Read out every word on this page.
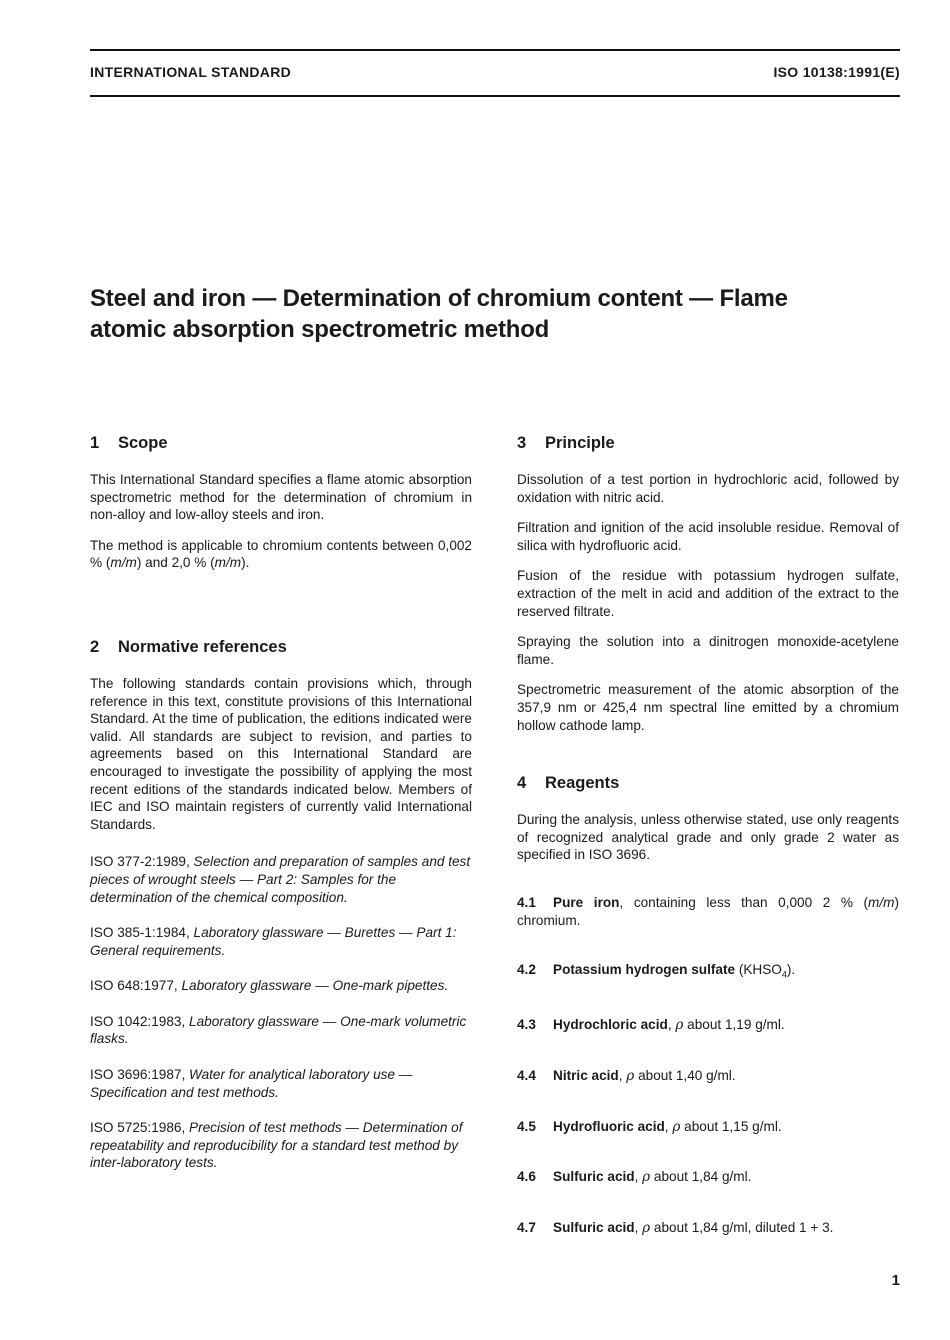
INTERNATIONAL STANDARD	ISO 10138:1991(E)
Steel and iron — Determination of chromium content — Flame
atomic absorption spectrometric method
1 Scope

This International Standard specifies a flame atomic absorption spectrometric method for the determination of chromium in non-alloy and low-alloy steels and iron.

The method is applicable to chromium contents between 0,002 % (m/m) and 2,0 % (m/m).

2 Normative references

The following standards contain provisions which, through reference in this text, constitute provisions of this International Standard. At the time of publication, the editions indicated were valid. All standards are subject to revision, and parties to agreements based on this International Standard are encouraged to investigate the possibility of applying the most recent editions of the standards indicated below. Members of IEC and ISO maintain registers of currently valid International Standards.

ISO 377-2:1989, Selection and preparation of samples and test pieces of wrought steels — Part 2: Samples for the determination of the chemical composition.
ISO 385-1:1984, Laboratory glassware — Burettes — Part 1: General requirements.
ISO 648:1977, Laboratory glassware — One-mark pipettes.
ISO 1042:1983, Laboratory glassware — One-mark volumetric flasks.
ISO 3696:1987, Water for analytical laboratory use — Specification and test methods.
ISO 5725:1986, Precision of test methods — Determination of repeatability and reproducibility for a standard test method by inter-laboratory tests.
3 Principle

Dissolution of a test portion in hydrochloric acid, followed by oxidation with nitric acid.

Filtration and ignition of the acid insoluble residue. Removal of silica with hydrofluoric acid.

Fusion of the residue with potassium hydrogen sulfate, extraction of the melt in acid and addition of the extract to the reserved filtrate.

Spraying the solution into a dinitrogen monoxide-acetylene flame.

Spectrometric measurement of the atomic absorption of the 357,9 nm or 425,4 nm spectral line emitted by a chromium hollow cathode lamp.

4 Reagents

During the analysis, unless otherwise stated, use only reagents of recognized analytical grade and only grade 2 water as specified in ISO 3696.

4.1 Pure iron, containing less than 0,000 2 % (m/m) chromium.

4.2 Potassium hydrogen sulfate $(KHSO_4)$.
4.3 Hydrochloric acid, ρ about 1,19 g/ml.
4.4 Nitric acid, ρ about 1,40 g/ml.
4.5 Hydrofluoric acid, ρ about 1,15 g/ml.
4.6 Sulfuric acid, ρ about 1,84 g/ml.
4.7 Sulfuric acid, ρ about 1,84 g/ml, diluted 1 + 3.
1
